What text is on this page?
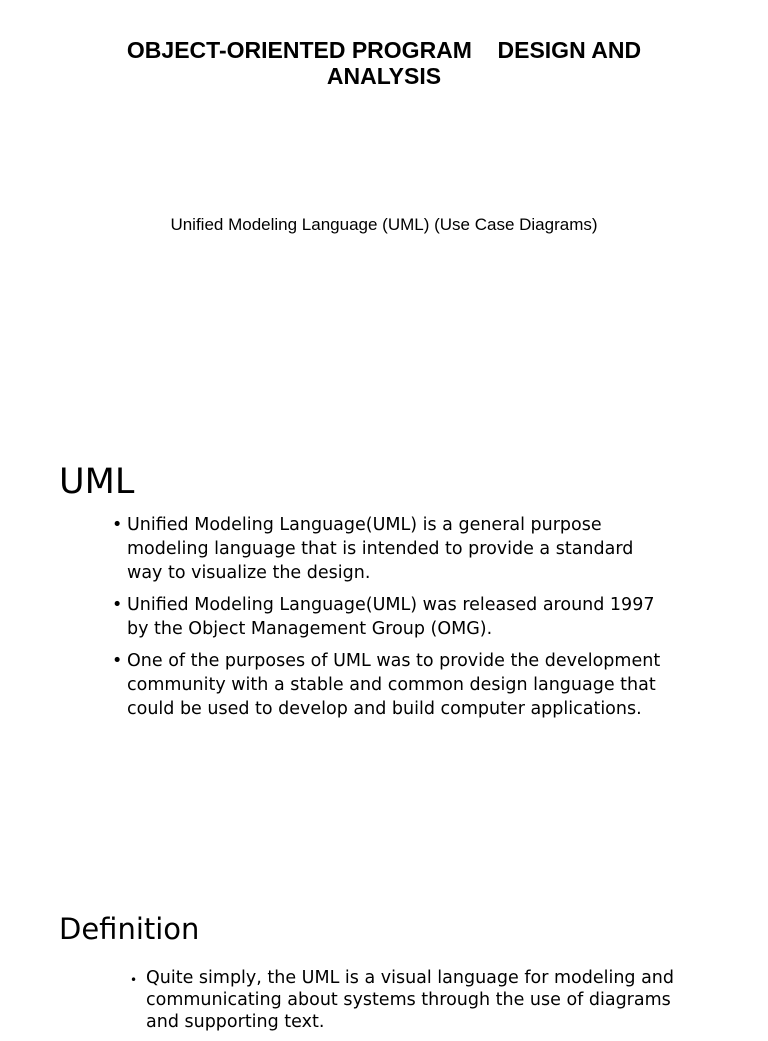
OBJECT-ORIENTED PROGRAM    DESIGN AND
ANALYSIS

Unified Modeling Language (UML) (Use Case Diagrams)

UML
• Unified Modeling Language(UML) is a general purpose modeling language that is intended to provide a standard way to visualize the design.
• Unified Modeling Language(UML) was released around 1997 by the Object Management Group (OMG).
• One of the purposes of UML was to provide the development community with a stable and common design language that could be used to develop and build computer applications.
Definition
• Quite simply, the UML is a visual language for modeling and communicating about systems through the use of diagrams and supporting text.
